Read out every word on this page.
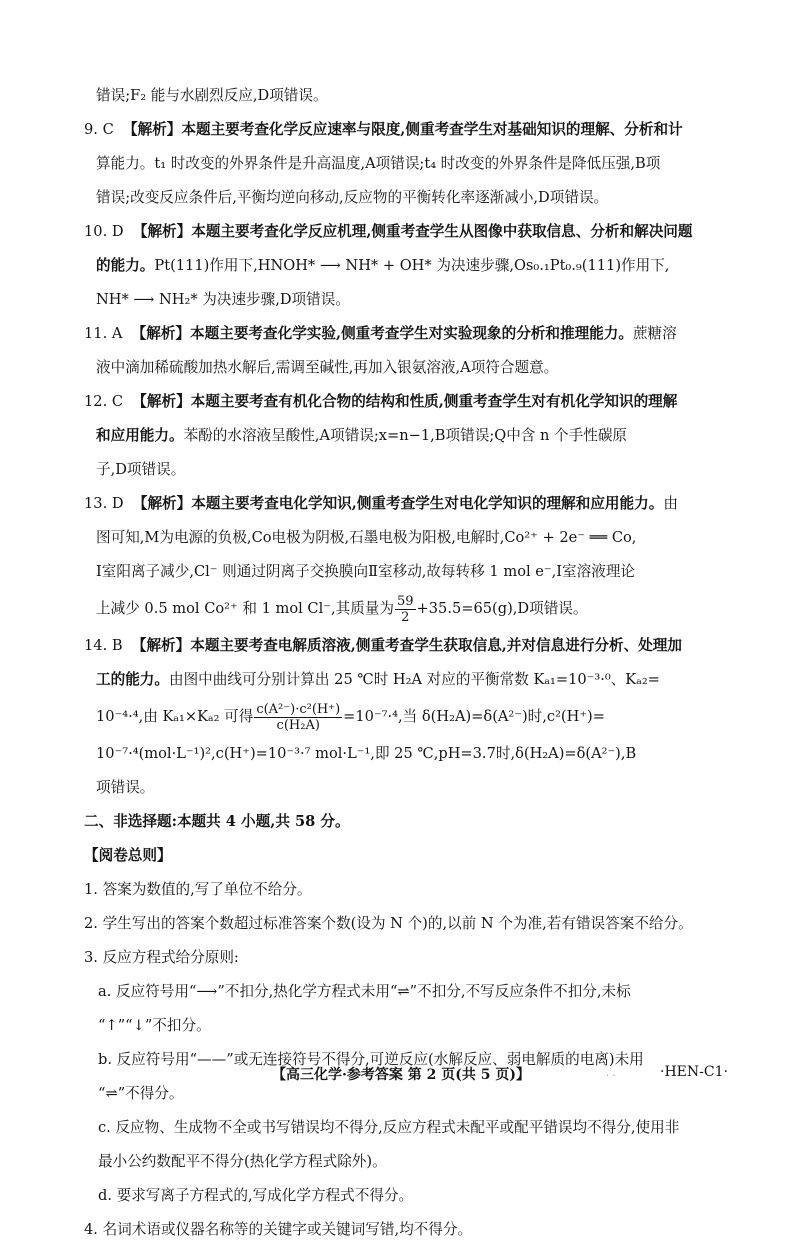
错误;F₂ 能与水剧烈反应,D项错误。

9. C 【解析】本题主要考查化学反应速率与限度,侧重考查学生对基础知识的理解、分析和计

算能力。t₁ 时改变的外界条件是升高温度,A项错误;t₄ 时改变的外界条件是降低压强,B项

错误;改变反应条件后,平衡均逆向移动,反应物的平衡转化率逐渐减小,D项错误。

10. D 【解析】本题主要考查化学反应机理,侧重考查学生从图像中获取信息、分析和解决问题

的能力。Pt(111)作用下,HNOH* ⟶ NH* + OH* 为决速步骤,Os₀.₁Pt₀.₉(111)作用下,

NH* ⟶ NH₂* 为决速步骤,D项错误。

11. A 【解析】本题主要考查化学实验,侧重考查学生对实验现象的分析和推理能力。蔗糖溶

液中滴加稀硫酸加热水解后,需调至碱性,再加入银氨溶液,A项符合题意。

12. C 【解析】本题主要考查有机化合物的结构和性质,侧重考查学生对有机化学知识的理解

和应用能力。苯酚的水溶液呈酸性,A项错误;x=n−1,B项错误;Q中含 n 个手性碳原

子,D项错误。

13. D 【解析】本题主要考查电化学知识,侧重考查学生对电化学知识的理解和应用能力。由

图可知,M为电源的负极,Co电极为阴极,石墨电极为阳极,电解时,Co²⁺ + 2e⁻ ══ Co,

Ⅰ室阳离子减少,Cl⁻ 则通过阴离子交换膜向Ⅱ室移动,故每转移 1 mol e⁻,Ⅰ室溶液理论

上减少 0.5 mol Co²⁺ 和 1 mol Cl⁻,其质量为 $\frac{59}{2} +35.5=65(g),D$项错误。

14. B 【解析】本题主要考查电解质溶液,侧重考查学生获取信息,并对信息进行分析、处理加

工的能力。由图中曲线可分别计算出 25 ℃时 H₂A 对应的平衡常数 Kₐ₁=10⁻³·⁰、Kₐ₂=

10⁻⁴·⁴,由 Kₐ₁×Kₐ₂ 可得 $\frac{\text{c(A²⁻)·c²(H⁺)}}{\text{c(H₂A)}} =10^{-7}\cdot^4$,当 δ(H₂A)=δ(A²⁻)时,c²(H⁺)=

10⁻⁷·⁴(mol·L⁻¹)²,c(H⁺)=10⁻³·⁷ mol·L⁻¹,即 25 ℃,pH=3.7时,δ(H₂A)=δ(A²⁻),B

项错误。

二、非选择题:本题共 4 小题,共 58 分。

【阅卷总则】

1. 答案为数值的,写了单位不给分。

2. 学生写出的答案个数超过标准答案个数(设为 N 个)的,以前 N 个为准,若有错误答案不给分。

3. 反应方程式给分原则:

a. 反应符号用“⟶”不扣分,热化学方程式未用“⇌”不扣分,不写反应条件不扣分,未标

“↑”“↓”不扣分。

b. 反应符号用“——”或无连接符号不得分,可逆反应(水解反应、弱电解质的电离)未用

“⇌”不得分。

c. 反应物、生成物不全或书写错误均不得分,反应方程式未配平或配平错误均不得分,使用非

最小公约数配平不得分(热化学方程式除外)。

d. 要求写离子方程式的,写成化学方程式不得分。

4. 名词术语或仪器名称等的关键字或关键词写错,均不得分。

【高三化学·参考答案 第 2 页(共 5 页)】	. .	·HEN-C1·
